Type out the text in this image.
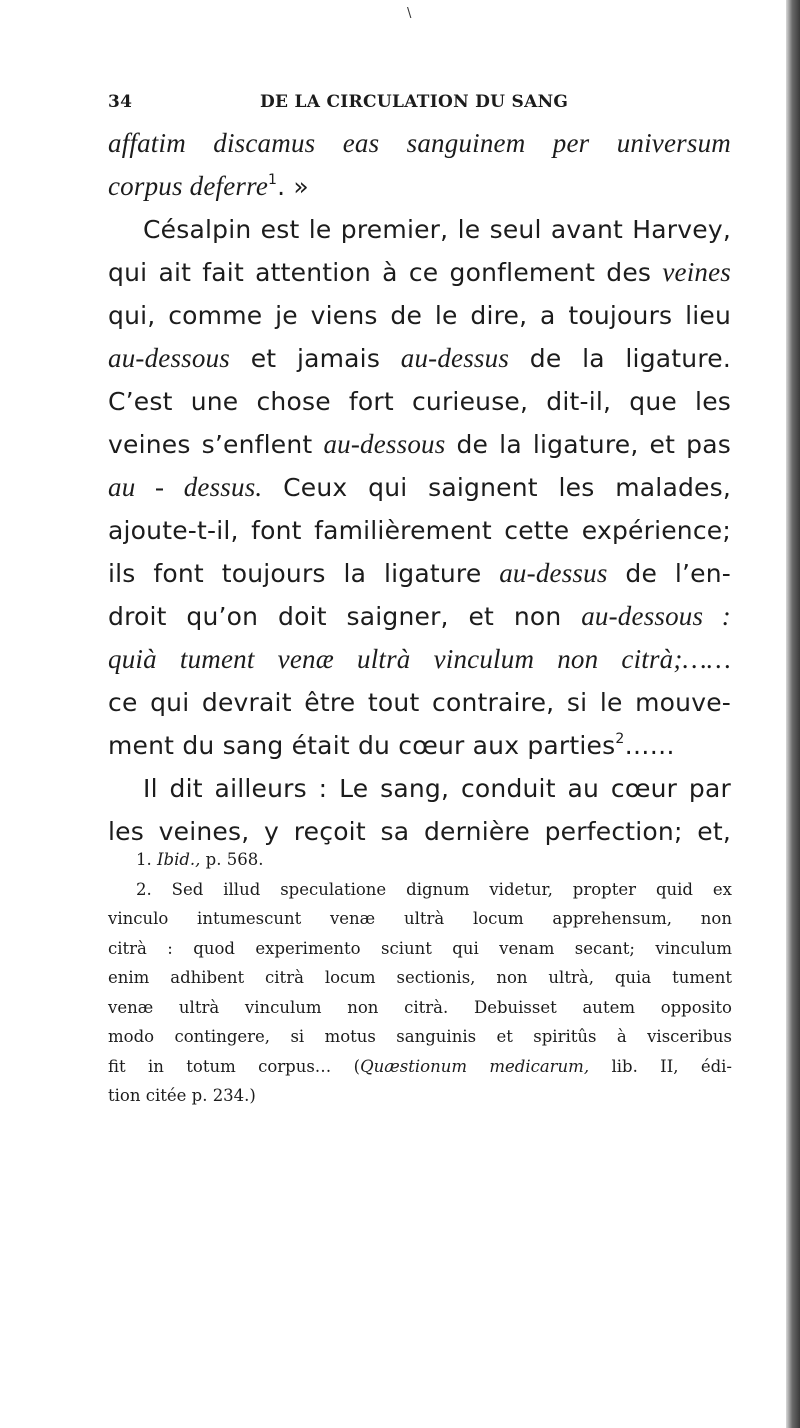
\
34	DE LA CIRCULATION DU SANG
affatim discamus eas sanguinem per universum
corpus deferre$^1$. »
Césalpin est le premier, le seul avant Harvey,
qui ait fait attention à ce gonflement des veines
qui, comme je viens de le dire, a toujours lieu
au-dessous et jamais au-dessus de la ligature.
C’est une chose fort curieuse, dit-il, que les
veines s’enflent au-dessous de la ligature, et pas
au - dessus. Ceux qui saignent les malades,
ajoute-t-il, font familièrement cette expérience;
ils font toujours la ligature au-dessus de l’en-
droit qu’on doit saigner, et non au-dessous :
quià tument venæ ultrà vinculum non citrà;……
ce qui devrait être tout contraire, si le mouve-
ment du sang était du cœur aux parties$^2$……
Il dit ailleurs : Le sang, conduit au cœur par
les veines, y reçoit sa dernière perfection; et,
1. Ibid., p. 568.
2. Sed illud speculatione dignum videtur, propter quid ex
vinculo intumescunt venæ ultrà locum apprehensum, non
citrà : quod experimento sciunt qui venam secant; vinculum
enim adhibent citrà locum sectionis, non ultrà, quia tument
venæ ultrà vinculum non citrà. Debuisset autem opposito
modo contingere, si motus sanguinis et spiritûs à visceribus
fit in totum corpus… (Quæstionum medicarum, lib. II, édi-
tion citée p. 234.)
